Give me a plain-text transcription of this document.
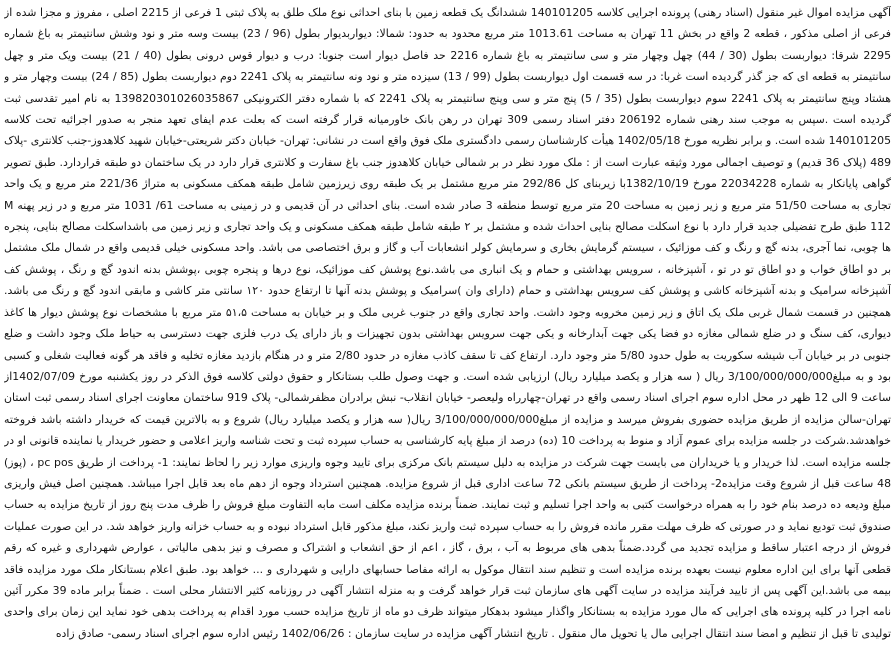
آگهی مزایده اموال غیر منقول (اسناد رهنی) پرونده اجرایی کلاسه 140101205 ششدانگ یک قطعه زمین با بنای احداثی نوع ملک طلق به پلاک ثبتی 1 فرعی از 2215 اصلی ، مفروز و مجزا شده از فرعی از اصلی مذکور ، قطعه 2 واقع در بخش 11 تهران به مساحت 1013.61 متر مربع محدود به حدود: شمالا: دیواربدیوار بطول (96 / 23) بیست وسه متر و نود وشش سانتیمتر به باغ شماره 2295 شرقا: دیواربست بطول (30 / 44) چهل وچهار متر و سی سانتیمتر به باغ شماره 2216 حد فاصل دیوار است جنوبا: درب و دیوار قوس درونی بطول (40 / 21) بیست ویک متر و چهل سانتیمتر به قطعه ای که جز گذر گردیده است غربا: در سه قسمت اول دیواربست بطول (99 / 13) سیزده متر و نود ونه سانتیمتر به پلاک 2241 دوم دیواربست بطول (85 / 24) بیست وچهار متر و هشتاد وپنج سانتیمتر به پلاک 2241 سوم دیواربست بطول (35 / 5) پنج متر و سی وپنج سانتیمتر به پلاک 2241 که با شماره دفتر الکترونیکی 139820301026035867 به نام امیر تقدسی ثبت گردیده است .سپس به موجب سند رهنی شماره 206192 دفتر اسناد رسمی 309 تهران در رهن بانک خاورمیانه قرار گرفته است که بعلت عدم ایفای تعهد منجر به صدور اجرائیه تحت کلاسه 140101205 شده است. و برابر نظریه مورخ 1402/05/18 هیأت کارشناسان رسمی دادگستری ملک فوق واقع است در نشانی: تهران- خیابان دکتر شریعتی-خیابان شهید کلاهدوز-جنب کلانتری -پلاک 489 (پلاک 36 قدیم) و توصیف اجمالی مورد وثیقه عبارت است از : ملک مورد نظر در بر شمالی خیابان کلاهدوز جنب باغ سفارت و کلانتری قرار دارد در یک ساختمان دو طبقه قراردارد. طبق تصویر گواهی پایانکار به شماره 22034228 مورخ 1382/10/19با زیربنای کل 292/86 متر مربع مشتمل بر یک طبقه روی زیرزمین شامل طبقه همکف مسکونی به متراژ 221/36 متر مربع و یک واحد تجاری به مساحت 51/50 متر مربع و زیر زمین به مساحت 20 متر مربع توسط منطقه 3 صادر شده است. بنای احداثی در آن قدیمی و در زمینی به مساحت 61/ 1031 متر مربع و در زیر پهنه M 112 طبق طرح تفضیلی جدید قرار دارد با نوع اسکلت مصالح بنایی احداث شده و مشتمل بر ۲ طبقه شامل طبقه همکف مسکونی و یک واحد تجاری و زیر زمین می باشداسکلت مصالح بنایی، پنجره ها چوبی، نما آجری، بدنه گچ و رنگ و کف موزائیک ، سیستم گرمایش بخاری و سرمایش کولر انشعابات آب و گاز و برق اختصاصی می باشد. واحد مسکونی خیلی قدیمی واقع در شمال ملک مشتمل بر دو اطاق خواب و دو اطاق تو در تو ، آشپزخانه ، سرویس بهداشتی و حمام و یک انباری می باشد.نوع پوشش کف موزائیک، نوع درها و پنجره چوبی ،پوشش بدنه اندود گچ و رنگ ، پوشش کف آشپزخانه سرامیک و بدنه آشپزخانه کاشی و پوشش کف سرویس بهداشتی و حمام (دارای وان )سرامیک و پوشش بدنه آنها تا ارتفاع حدود ۱۲۰ سانتی متر کاشی و مابقی اندود گچ و رنگ می باشد. همچنین در قسمت شمال غربی ملک یک اتاق و زیر زمین مخروبه وجود داشت. واحد تجاری واقع در جنوب غربی ملک و بر خیابان به مساحت ۵۱،۵ متر مربع با مشخصات نوع پوشش دیوار ها کاغذ دیواری، کف سنگ و در ضلع شمالی مغازه دو فضا یکی جهت آبدارخانه و یکی جهت سرویس بهداشتی بدون تجهیزات و باز دارای یک درب فلزی جهت دسترسی به حیاط ملک وجود داشت و ضلع جنوبی در بر خیابان آب شیشه سکوریت به طول حدود 5/80 متر وجود دارد. ارتفاع کف تا سقف کاذب مغازه در حدود 2/80 متر و در هنگام بازدید مغازه تخلیه و فاقد هر گونه فعالیت شغلی و کسبی بود و به مبلغ3/100/000/000/000 ریال ( سه هزار و یکصد میلیارد ریال) ارزیابی شده است. و جهت وصول طلب بستانکار و حقوق دولتی کلاسه فوق الذکر در روز یکشنبه مورخ 1402/07/09از ساعت 9 الی 12 ظهر در محل اداره سوم اجرای اسناد رسمی واقع در تهران-چهارراه ولیعصر- خیابان انقلاب- نبش برادران مظفرشمالی- پلاک 919 ساختمان معاونت اجرای اسناد رسمی ثبت استان تهران-سالن مزایده از طریق مزایده حضوری بفروش میرسد و مزایده از مبلغ3/100/000/000/000 ریال( سه هزار و یکصد میلیارد ریال) شروع و به بالاترین قیمت که خریدار داشته باشد فروخته خواهدشد.شرکت در جلسه مزایده برای عموم آزاد و منوط به پرداخت 10 (ده) درصد از مبلغ پایه کارشناسی به حساب سپرده ثبت و تحت شناسه واریز اعلامی و حضور خریدار یا نماینده قانونی او در جلسه مزایده است. لذا خریدار و یا خریداران می بایست جهت شرکت در مزایده به دلیل سیستم بانک مرکزی برای تایید وجوه واریزی موارد زیر را لحاظ نمایند: 1- پرداخت از طریق pc pos ، (پوز) 48 ساعت قبل از شروع وقت مزایده2- پرداخت از طریق سیستم بانکی 72 ساعت اداری قبل از شروع مزایده. همچنین استرداد وجوه از دهم ماه بعد قابل اجرا میباشد. همچنین اصل فیش واریزی مبلغ ودیعه ده درصد بنام خود را به همراه درخواست کتبی به واحد اجرا تسلیم و ثبت نمایند. ضمناً برنده مزایده مکلف است مابه التفاوت مبلغ فروش را ظرف مدت پنج روز از تاریخ مزایده به حساب صندوق ثبت تودیع نماید و در صورتی که ظرف مهلت مقرر مانده فروش را به حساب سپرده ثبت واریز نکند، مبلغ مذکور قابل استرداد نبوده و به حساب خزانه واریز خواهد شد. در این صورت عملیات فروش از درجه اعتبار ساقط و مزایده تجدید می گردد.ضمناً بدهی های مربوط به آب ، برق ، گاز ، اعم از حق انشعاب و اشتراک و مصرف و نیز بدهی مالیاتی ، عوارض شهرداری و غیره که رقم قطعی آنها برای این اداره معلوم نیست بعهده برنده مزایده است و تنظیم سند انتقال موکول به ارائه مفاصا حسابهای دارایی و شهرداری و ... خواهد بود. طبق اعلام بستانکار ملک مورد مزایده فاقد بیمه می باشد.این آگهی پس از تایید فرآیند مزایده در سایت آگهی های سازمان ثبت قرار خواهد گرفت و به منزله انتشار آگهی در روزنامه کثیر الانتشار محلی است . ضمناً برابر ماده 39 مکرر آئین نامه اجرا در کلیه پرونده های اجرایی که مال مورد مزایده به بستانکار واگذار میشود بدهکار میتواند ظرف دو ماه از تاریخ مزایده حسب مورد اقدام به پرداخت بدهی خود نماید این زمان برای واحدی تولیدی تا قبل از تنظیم و امضا سند انتقال اجرایی مال یا تحویل مال منقول . تاریخ انتشار آگهی مزایده در سایت سازمان : 1402/06/26 رئیس اداره سوم اجرای اسناد رسمی- صادق زاده
